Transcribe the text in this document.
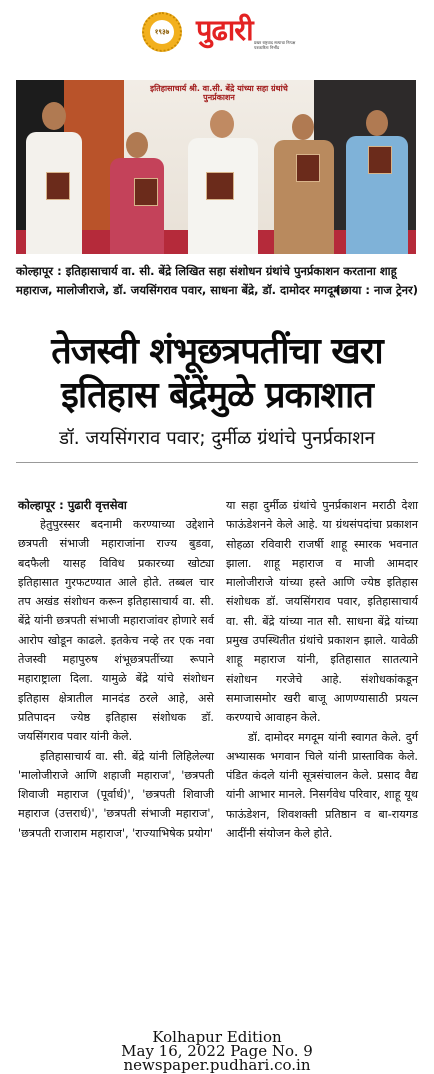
१९३७ पुढारी प्रखर राष्ट्रवाद सत्याचा निःपक्ष पत्रकारिता निर्भीड
इतिहासाचार्य श्री. वा.सी. बेंद्रे यांच्या सहा ग्रंथांचे पुनर्प्रकाशन
कोल्हापूर : इतिहासाचार्य वा. सी. बेंद्रे लिखित सहा संशोधन ग्रंथांचे पुनर्प्रकाशन करताना शाहू महाराज, मालोजीराजे, डॉ. जयसिंगराव पवार, साधना बेंद्रे, डॉ. दामोदर मगदूम.
(छाया : नाज ट्रेनर)
तेजस्वी शंभूछत्रपतींचा खरा
इतिहास बेंद्रेंमुळे प्रकाशात
डॉ. जयसिंगराव पवार; दुर्मीळ ग्रंथांचे पुनर्प्रकाशन
कोल्हापूर : पुढारी वृत्तसेवा

हेतुपुरस्सर बदनामी करण्याच्या उद्देशाने छत्रपती संभाजी महाराजांना राज्य बुडवा, बदफैली यासह विविध प्रकारच्या खोट्या इतिहासात गुरफटण्यात आले होते. तब्बल चार तप अखंड संशोधन करून इतिहासाचार्य वा. सी. बेंद्रे यांनी छत्रपती संभाजी महाराजांवर होणारे सर्व आरोप खोडून काढले. इतकेच नव्हे तर एक नवा तेजस्वी महापुरुष शंभूछत्रपतींच्या रूपाने महाराष्ट्राला दिला. यामुळे बेंद्रे यांचे संशोधन इतिहास क्षेत्रातील मानदंड ठरले आहे, असे प्रतिपादन ज्येष्ठ इतिहास संशोधक डॉ. जयसिंगराव पवार यांनी केले.

इतिहासाचार्य वा. सी. बेंद्रे यांनी लिहिलेल्या 'मालोजीराजे आणि शहाजी महाराज', 'छत्रपती शिवाजी महाराज (पूर्वार्ध)', 'छत्रपती शिवाजी महाराज (उत्तरार्ध)', 'छत्रपती संभाजी महाराज', 'छत्रपती राजाराम महाराज', 'राज्याभिषेक प्रयोग'

या सहा दुर्मीळ ग्रंथांचे पुनर्प्रकाशन मराठी देशा फाऊंडेशनने केले आहे. या ग्रंथसंपदांचा प्रकाशन सोहळा रविवारी राजर्षी शाहू स्मारक भवनात झाला. शाहू महाराज व माजी आमदार मालोजीराजे यांच्या हस्ते आणि ज्येष्ठ इतिहास संशोधक डॉ. जयसिंगराव पवार, इतिहासाचार्य वा. सी. बेंद्रे यांच्या नात सौ. साधना बेंद्रे यांच्या प्रमुख उपस्थितीत ग्रंथांचे प्रकाशन झाले. यावेळी शाहू महाराज यांनी, इतिहासात सातत्याने संशोधन गरजेचे आहे. संशोधकांकडून समाजासमोर खरी बाजू आणण्यासाठी प्रयत्न करण्याचे आवाहन केले.

डॉ. दामोदर मगदूम यांनी स्वागत केले. दुर्ग अभ्यासक भगवान चिले यांनी प्रास्ताविक केले. पंडित कंदले यांनी सूत्रसंचालन केले. प्रसाद वैद्य यांनी आभार मानले. निसर्गवेध परिवार, शाहू यूथ फाऊंडेशन, शिवशक्ती प्रतिष्ठान व बा-रायगड आदींनी संयोजन केले होते.

Kolhapur Edition
May 16, 2022 Page No. 9
newspaper.pudhari.co.in
